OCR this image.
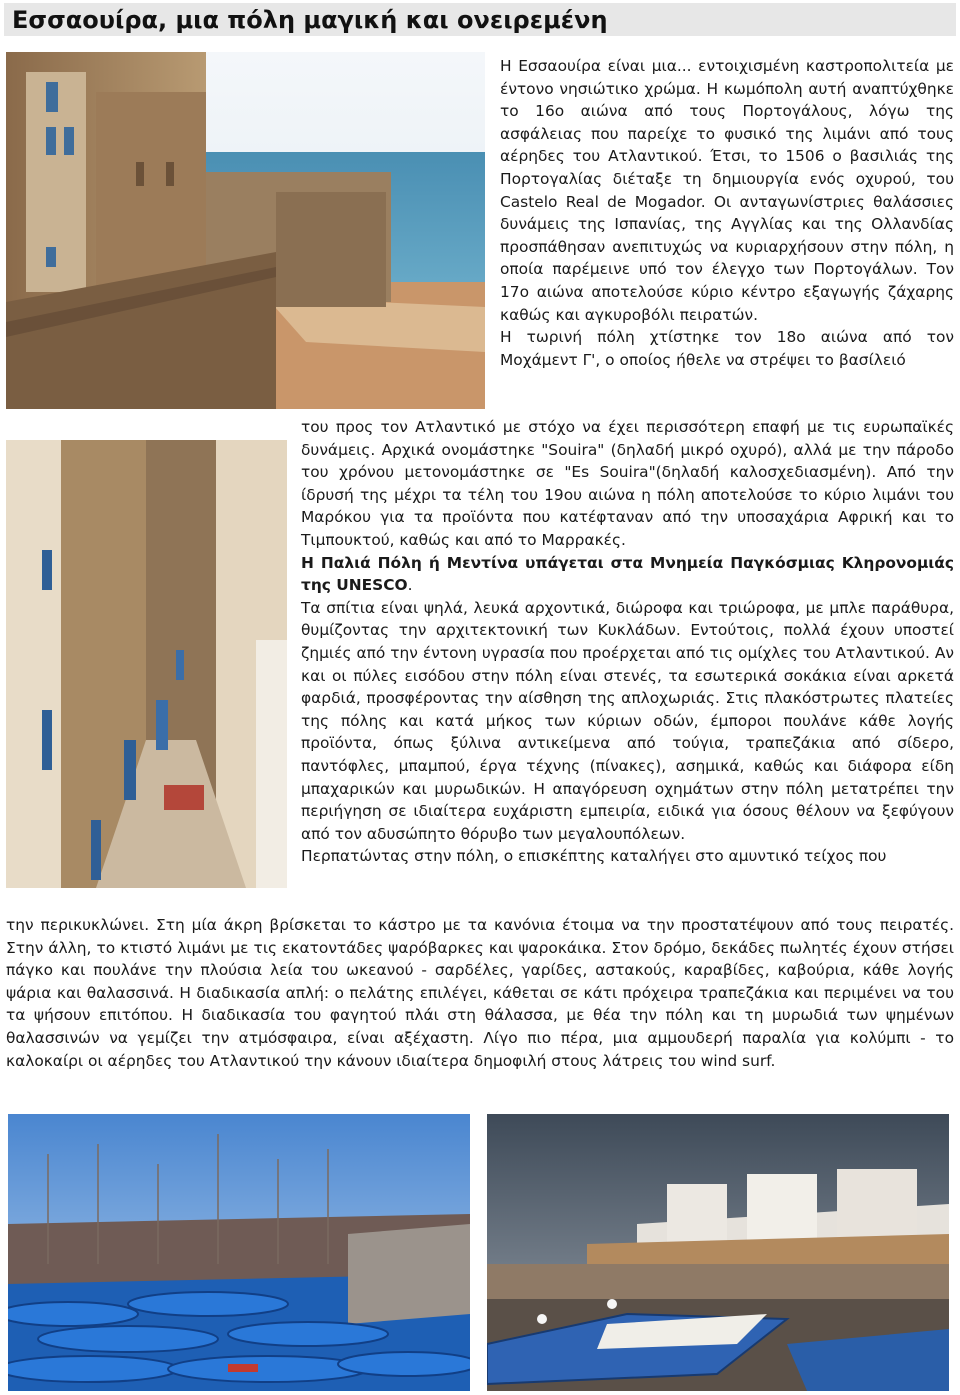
Εσσαουίρα, μια πόλη μαγική και ονειρεμένη

Η Εσσαουίρα είναι μια... εντοιχισμένη καστροπολιτεία με έντονο νησιώτικο χρώμα. Η κωμόπολη αυτή αναπτύχθηκε το 16ο αιώνα από τους Πορτογάλους, λόγω της ασφάλειας που παρείχε το φυσικό της λιμάνι από τους αέρηδες του Ατλαντικού. Έτσι, το 1506 ο βασιλιάς της Πορτογαλίας διέταξε τη δημιουργία ενός οχυρού, του Castelo Real de Mogador. Οι ανταγωνίστριες θαλάσσιες δυνάμεις της Ισπανίας, της Αγγλίας και της Ολλανδίας προσπάθησαν ανεπιτυχώς να κυριαρχήσουν στην πόλη, η οποία παρέμεινε υπό τον έλεγχο των Πορτογάλων. Τον 17ο αιώνα αποτελούσε κύριο κέντρο εξαγωγής ζάχαρης καθώς και αγκυροβόλι πειρατών.

Η τωρινή πόλη χτίστηκε τον 18ο αιώνα από τον Μοχάμεντ Γ', ο οποίος ήθελε να στρέψει το βασίλειό

του προς τον Ατλαντικό με στόχο να έχει περισσότερη επαφή με τις ευρωπαϊκές δυνάμεις. Αρχικά ονομάστηκε "Souira" (δηλαδή μικρό οχυρό), αλλά με την πάροδο του χρόνου μετονομάστηκε σε "Es Souira"(δηλαδή καλοσχεδιασμένη). Από την ίδρυσή της μέχρι τα τέλη του 19ου αιώνα η πόλη αποτελούσε το κύριο λιμάνι του Μαρόκου για τα προϊόντα που κατέφταναν από την υποσαχάρια Αφρική και το Τιμπουκτού, καθώς και από το Μαρρακές.

Η Παλιά Πόλη ή Μεντίνα υπάγεται στα Μνημεία Παγκόσμιας Κληρονομιάς της UNESCO.

Τα σπίτια είναι ψηλά, λευκά αρχοντικά, διώροφα και τριώροφα, με μπλε παράθυρα, θυμίζοντας την αρχιτεκτονική των Κυκλάδων. Εντούτοις, πολλά έχουν υποστεί ζημιές από την έντονη υγρασία που προέρχεται από τις ομίχλες του Ατλαντικού. Αν και οι πύλες εισόδου στην πόλη είναι στενές, τα εσωτερικά σοκάκια είναι αρκετά φαρδιά, προσφέροντας την αίσθηση της απλοχωριάς. Στις πλακόστρωτες πλατείες της πόλης και κατά μήκος των κύριων οδών, έμποροι πουλάνε κάθε λογής προϊόντα, όπως ξύλινα αντικείμενα από τούγια, τραπεζάκια από σίδερο, παντόφλες, μπαμπού, έργα τέχνης (πίνακες), ασημικά, καθώς και διάφορα είδη μπαχαρικών και μυρωδικών. Η απαγόρευση οχημάτων στην πόλη μετατρέπει την περιήγηση σε ιδιαίτερα ευχάριστη εμπειρία, ειδικά για όσους θέλουν να ξεφύγουν από τον αδυσώπητο θόρυβο των μεγαλουπόλεων.

Περπατώντας στην πόλη, ο επισκέπτης καταλήγει στο αμυντικό τείχος που

την περικυκλώνει. Στη μία άκρη βρίσκεται το κάστρο με τα κανόνια έτοιμα να την προστατέψουν από τους πειρατές. Στην άλλη, το κτιστό λιμάνι με τις εκατοντάδες ψαρόβαρκες και ψαροκάικα. Στον δρόμο, δεκάδες πωλητές έχουν στήσει πάγκο και πουλάνε την πλούσια λεία του ωκεανού - σαρδέλες, γαρίδες, αστακούς, καραβίδες, καβούρια, κάθε λογής ψάρια και θαλασσινά. Η διαδικασία απλή: ο πελάτης επιλέγει, κάθεται σε κάτι πρόχειρα τραπεζάκια και περιμένει να του τα ψήσουν επιτόπου. Η διαδικασία του φαγητού πλάι στη θάλασσα, με θέα την πόλη και τη μυρωδιά των ψημένων θαλασσινών να γεμίζει την ατμόσφαιρα, είναι αξέχαστη. Λίγο πιο πέρα, μια αμμουδερή παραλία για κολύμπι - το καλοκαίρι οι αέρηδες του Ατλαντικού την κάνουν ιδιαίτερα δημοφιλή στους λάτρεις του wind surf.
